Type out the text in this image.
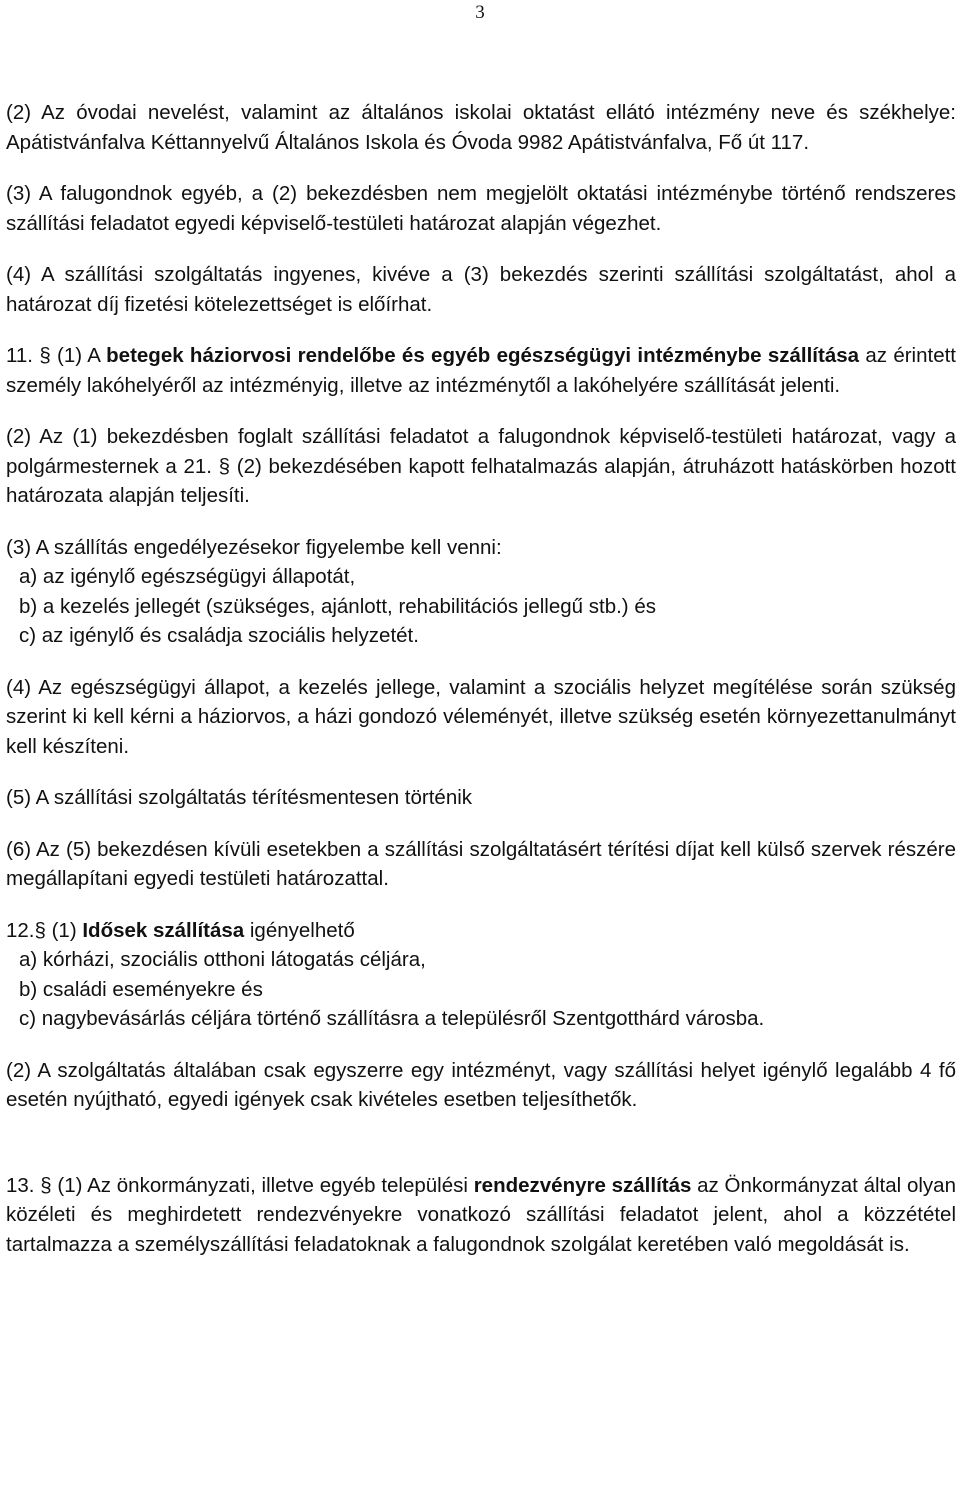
3

(2) Az óvodai nevelést, valamint az általános iskolai oktatást ellátó intézmény neve és székhelye: Apátistvánfalva Kéttannyelvű Általános Iskola és Óvoda 9982 Apátistvánfalva, Fő út 117.

(3) A falugondnok egyéb, a (2) bekezdésben nem megjelölt oktatási intézménybe történő rendszeres szállítási feladatot egyedi képviselő-testületi határozat alapján végezhet.

(4) A szállítási szolgáltatás ingyenes, kivéve a (3) bekezdés szerinti szállítási szolgáltatást, ahol a határozat díj fizetési kötelezettséget is előírhat.

11. § (1) A betegek háziorvosi rendelőbe és egyéb egészségügyi intézménybe szállítása az érintett személy lakóhelyéről az intézményig, illetve az intézménytől a lakóhelyére szállítását jelenti.

(2) Az (1) bekezdésben foglalt szállítási feladatot a falugondnok képviselő-testületi határozat, vagy a polgármesternek a 21. § (2) bekezdésében kapott felhatalmazás alapján, átruházott hatáskörben hozott határozata alapján teljesíti.

(3) A szállítás engedélyezésekor figyelembe kell venni:

a) az igénylő egészségügyi állapotát,
b) a kezelés jellegét (szükséges, ajánlott, rehabilitációs jellegű stb.) és
c) az igénylő és családja szociális helyzetét.

(4) Az egészségügyi állapot, a kezelés jellege, valamint a szociális helyzet megítélése során szükség szerint ki kell kérni a háziorvos, a házi gondozó véleményét, illetve szükség esetén környezettanulmányt kell készíteni.

(5) A szállítási szolgáltatás térítésmentesen történik

(6) Az (5) bekezdésen kívüli esetekben a szállítási szolgáltatásért térítési díjat kell külső szervek részére megállapítani egyedi testületi határozattal.

12.§ (1) Idősek szállítása igényelhető

a) kórházi, szociális otthoni látogatás céljára,
b) családi eseményekre és
c) nagybevásárlás céljára történő szállításra a településről Szentgotthárd városba.

(2) A szolgáltatás általában csak egyszerre egy intézményt, vagy szállítási helyet igénylő legalább 4 fő esetén nyújtható, egyedi igények csak kivételes esetben teljesíthetők.

13. § (1) Az önkormányzati, illetve egyéb települési rendezvényre szállítás az Önkormányzat által olyan közéleti és meghirdetett rendezvényekre vonatkozó szállítási feladatot jelent, ahol a közzététel tartalmazza a személyszállítási feladatoknak a falugondnok szolgálat keretében való megoldását is.
